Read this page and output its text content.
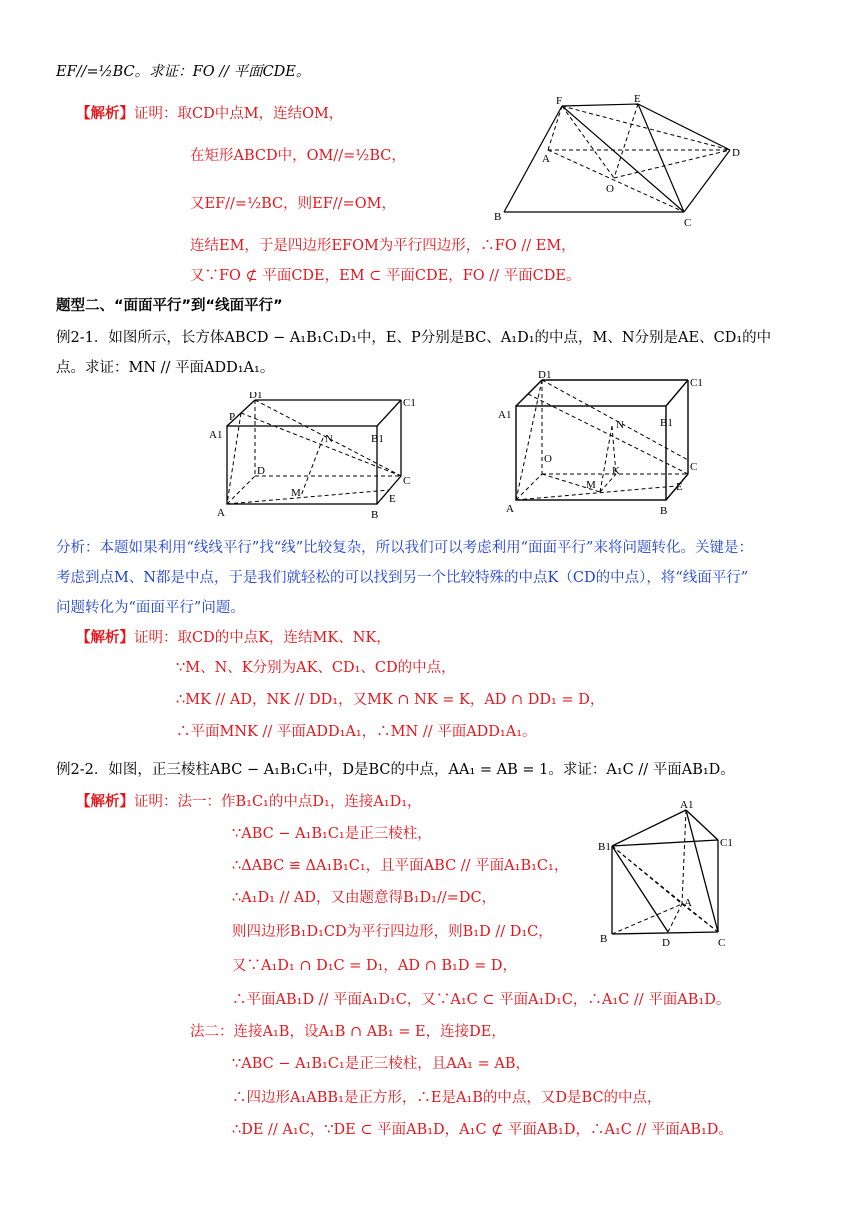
EF//=½BC。求证：FO // 平面CDE。
【解析】证明：取CD中点M，连结OM，
在矩形ABCD中，OM//=½BC，
又EF//=½BC，则EF//=OM，
连结EM，于是四边形EFOM为平行四边形，∴FO // EM，
又∵FO ⊄ 平面CDE，EM ⊂ 平面CDE，FO // 平面CDE。
题型二、“面面平行”到“线面平行”
例2-1．如图所示，长方体ABCD − A₁B₁C₁D₁中，E、P分别是BC、A₁D₁的中点，M、N分别是AE、CD₁的中
点。求证：MN // 平面ADD₁A₁。
分析：本题如果利用“线线平行”找“线”比较复杂，所以我们可以考虑利用“面面平行”来将问题转化。关键是：
考虑到点M、N都是中点，于是我们就轻松的可以找到另一个比较特殊的中点K（CD的中点），将“线面平行”
问题转化为“面面平行”问题。
【解析】证明：取CD的中点K，连结MK、NK，
∵M、N、K分别为AK、CD₁、CD的中点，
∴MK // AD，NK // DD₁，又MK ∩ NK = K，AD ∩ DD₁ = D，
∴平面MNK // 平面ADD₁A₁，∴MN // 平面ADD₁A₁。
例2-2．如图，正三棱柱ABC − A₁B₁C₁中，D是BC的中点，AA₁ = AB = 1。求证：A₁C // 平面AB₁D。
【解析】证明：法一：作B₁C₁的中点D₁，连接A₁D₁，
∵ABC − A₁B₁C₁是正三棱柱，
∴ΔABC ≌ ΔA₁B₁C₁，且平面ABC // 平面A₁B₁C₁，
∴A₁D₁ // AD，又由题意得B₁D₁//=DC，
则四边形B₁D₁CD为平行四边形，则B₁D // D₁C，
又∵A₁D₁ ∩ D₁C = D₁，AD ∩ B₁D = D，
∴平面AB₁D // 平面A₁D₁C，又∵A₁C ⊂ 平面A₁D₁C，∴A₁C // 平面AB₁D。
法二：连接A₁B，设A₁B ∩ AB₁ = E，连接DE，
∵ABC − A₁B₁C₁是正三棱柱，且AA₁ = AB，
∴四边形A₁ABB₁是正方形，∴E是A₁B的中点，又D是BC的中点，
∴DE // A₁C，∵DE ⊂ 平面AB₁D，A₁C ⊄ 平面AB₁D，∴A₁C // 平面AB₁D。
F	E
A	D
O
B	C
D1
C1
P
A1	B1
N
D
C
M	E
A	B
D1
C1
A1
B1
N
O
K
M
C
E
A	B
A1
B1	C1
A
B	D	C
